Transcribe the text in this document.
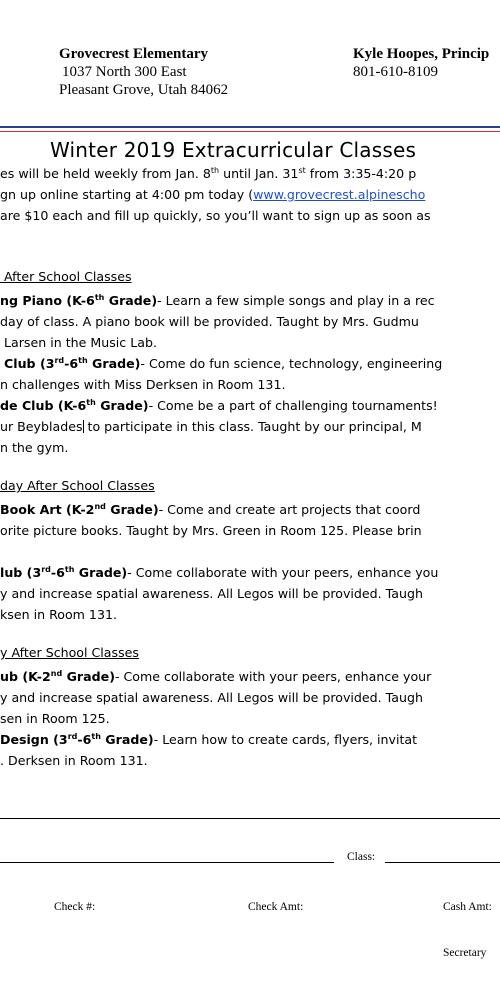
Grovecrest Elementary
1037 North 300 East
Pleasant Grove, Utah 84062
Kyle Hoopes, Princip
801-610-8109
Winter 2019 Extracurricular Classes
es will be held weekly from Jan. 8th until Jan. 31st from 3:35-4:20 p
gn up online starting at 4:00 pm today (www.grovecrest.alpinescho
are $10 each and fill up quickly, so you’ll want to sign up as soon as
After School Classes
ng Piano (K-6th Grade)- Learn a few simple songs and play in a rec
day of class. A piano book will be provided. Taught by Mrs. Gudmu
Larsen in the Music Lab.
Club (3rd-6th Grade)- Come do fun science, technology, engineering
n challenges with Miss Derksen in Room 131.
de Club (K-6th Grade)- Come be a part of challenging tournaments!
ur Beyblades to participate in this class. Taught by our principal, M
n the gym.
day After School Classes
Book Art (K-2nd Grade)- Come and create art projects that coord
orite picture books. Taught by Mrs. Green in Room 125. Please brin
lub (3rd-6th Grade)- Come collaborate with your peers, enhance you
y and increase spatial awareness. All Legos will be provided. Taugh
ksen in Room 131.
y After School Classes
ub (K-2nd Grade)- Come collaborate with your peers, enhance your
y and increase spatial awareness. All Legos will be provided. Taugh
sen in Room 125.
Design (3rd-6th Grade)- Learn how to create cards, flyers, invitat
. Derksen in Room 131.
Class:
Check #:	Check Amt:	Cash Amt:
Secretary
